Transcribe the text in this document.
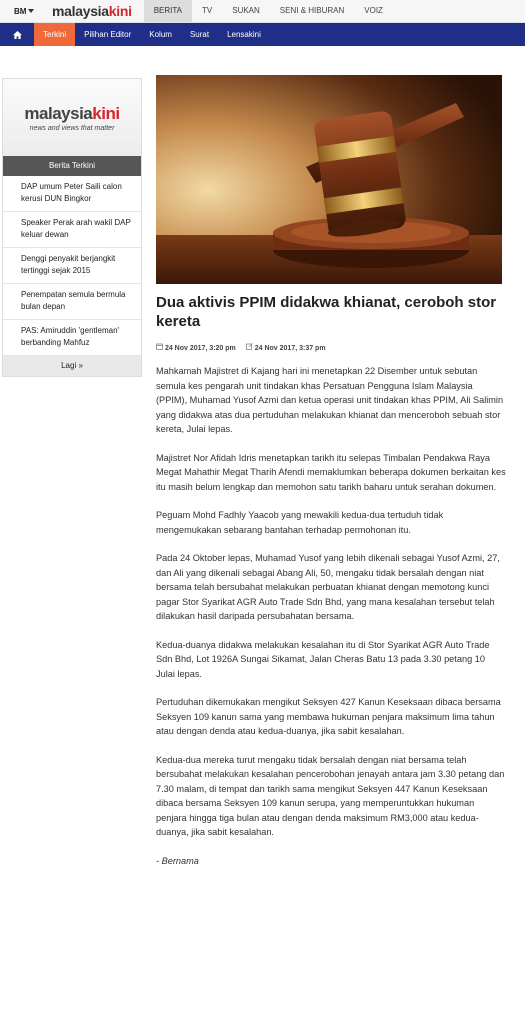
BM malaysiakini	BERITA	TV	SUKAN	SENI & HIBURAN	VOIZ
Terkini	Pilihan Editor	Kolum	Surat	Lensakini
malaysiakini
news and views that matter
Berita Terkini
DAP umum Peter Saili calon kerusi DUN Bingkor
Speaker Perak arah wakil DAP keluar dewan
Denggi penyakit berjangkit tertinggi sejak 2015
Penempatan semula bermula bulan depan
PAS: Amiruddin 'gentleman' berbanding Mahfuz
Lagi »
Dua aktivis PPIM didakwa khianat, ceroboh stor kereta
24 Nov 2017, 3:20 pm	24 Nov 2017, 3:37 pm

Mahkamah Majistret di Kajang hari ini menetapkan 22 Disember untuk sebutan semula kes pengarah unit tindakan khas Persatuan Pengguna Islam Malaysia (PPIM), Muhamad Yusof Azmi dan ketua operasi unit tindakan khas PPIM, Ali Salimin yang didakwa atas dua pertuduhan melakukan khianat dan menceroboh sebuah stor kereta, Julai lepas.

Majistret Nor Afidah Idris menetapkan tarikh itu selepas Timbalan Pendakwa Raya Megat Mahathir Megat Tharih Afendi memaklumkan beberapa dokumen berkaitan kes itu masih belum lengkap dan memohon satu tarikh baharu untuk serahan dokumen.

Peguam Mohd Fadhly Yaacob yang mewakili kedua-dua tertuduh tidak mengemukakan sebarang bantahan terhadap permohonan itu.

Pada 24 Oktober lepas, Muhamad Yusof yang lebih dikenali sebagai Yusof Azmi, 27, dan Ali yang dikenali sebagai Abang Ali, 50, mengaku tidak bersalah dengan niat bersama telah bersubahat melakukan perbuatan khianat dengan memotong kunci pagar Stor Syarikat AGR Auto Trade Sdn Bhd, yang mana kesalahan tersebut telah dilakukan hasil daripada persubahatan bersama.

Kedua-duanya didakwa melakukan kesalahan itu di Stor Syarikat AGR Auto Trade Sdn Bhd, Lot 1926A Sungai Sikamat, Jalan Cheras Batu 13 pada 3.30 petang 10 Julai lepas.

Pertuduhan dikemukakan mengikut Seksyen 427 Kanun Keseksaan dibaca bersama Seksyen 109 kanun sama yang membawa hukuman penjara maksimum lima tahun atau dengan denda atau kedua-duanya, jika sabit kesalahan.

Kedua-dua mereka turut mengaku tidak bersalah dengan niat bersama telah bersubahat melakukan kesalahan pencerobohan jenayah antara jam 3.30 petang dan 7.30 malam, di tempat dan tarikh sama mengikut Seksyen 447 Kanun Keseksaan dibaca bersama Seksyen 109 kanun serupa, yang memperuntukkan hukuman penjara hingga tiga bulan atau dengan denda maksimum RM3,000 atau kedua-duanya, jika sabit kesalahan.

- Bernama
